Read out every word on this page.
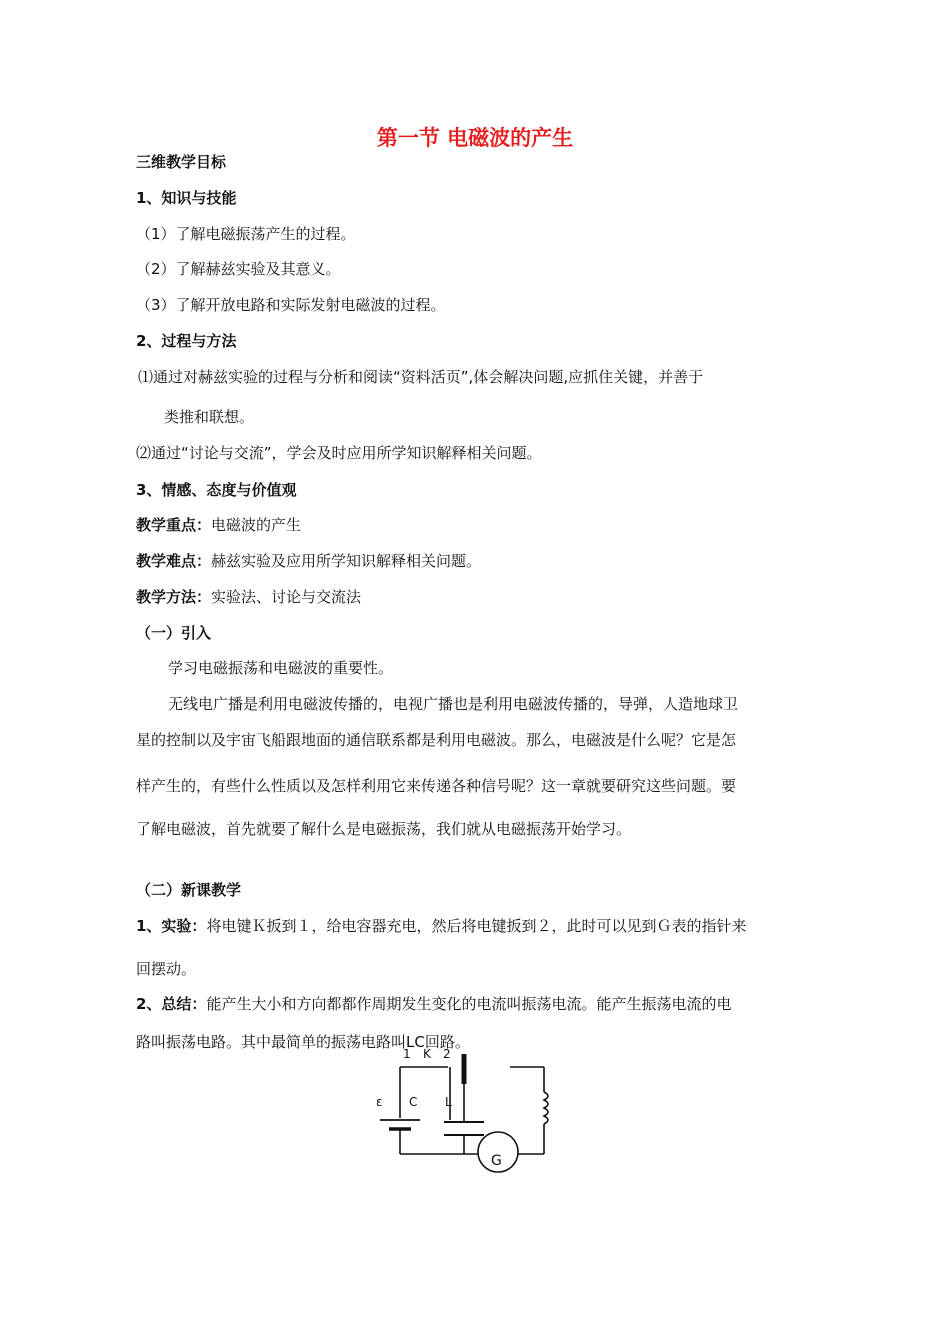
第一节 电磁波的产生
三维教学目标
1、知识与技能
（1）了解电磁振荡产生的过程。
（2）了解赫兹实验及其意义。
（3）了解开放电路和实际发射电磁波的过程。
2、过程与方法
⑴通过对赫兹实验的过程与分析和阅读“资料活页”,体会解决问题,应抓住关键，并善于
类推和联想。
⑵通过“讨论与交流”，学会及时应用所学知识解释相关问题。
3、情感、态度与价值观
教学重点：电磁波的产生
教学难点：赫兹实验及应用所学知识解释相关问题。
教学方法：实验法、讨论与交流法
（一）引入
学习电磁振荡和电磁波的重要性。
无线电广播是利用电磁波传播的，电视广播也是利用电磁波传播的，导弹，人造地球卫
星的控制以及宇宙飞船跟地面的通信联系都是利用电磁波。那么，电磁波是什么呢？它是怎
样产生的，有些什么性质以及怎样利用它来传递各种信号呢？这一章就要研究这些问题。要
了解电磁波，首先就要了解什么是电磁振荡，我们就从电磁振荡开始学习。
（二）新课教学
1、实验：将电键Ｋ扳到１，给电容器充电，然后将电键扳到２，此时可以见到Ｇ表的指针来
回摆动。
2、总结：能产生大小和方向都都作周期发生变化的电流叫振荡电流。能产生振荡电流的电
路叫振荡电路。其中最简单的振荡电路叫LC回路。
1 K 2
ε C L
G
